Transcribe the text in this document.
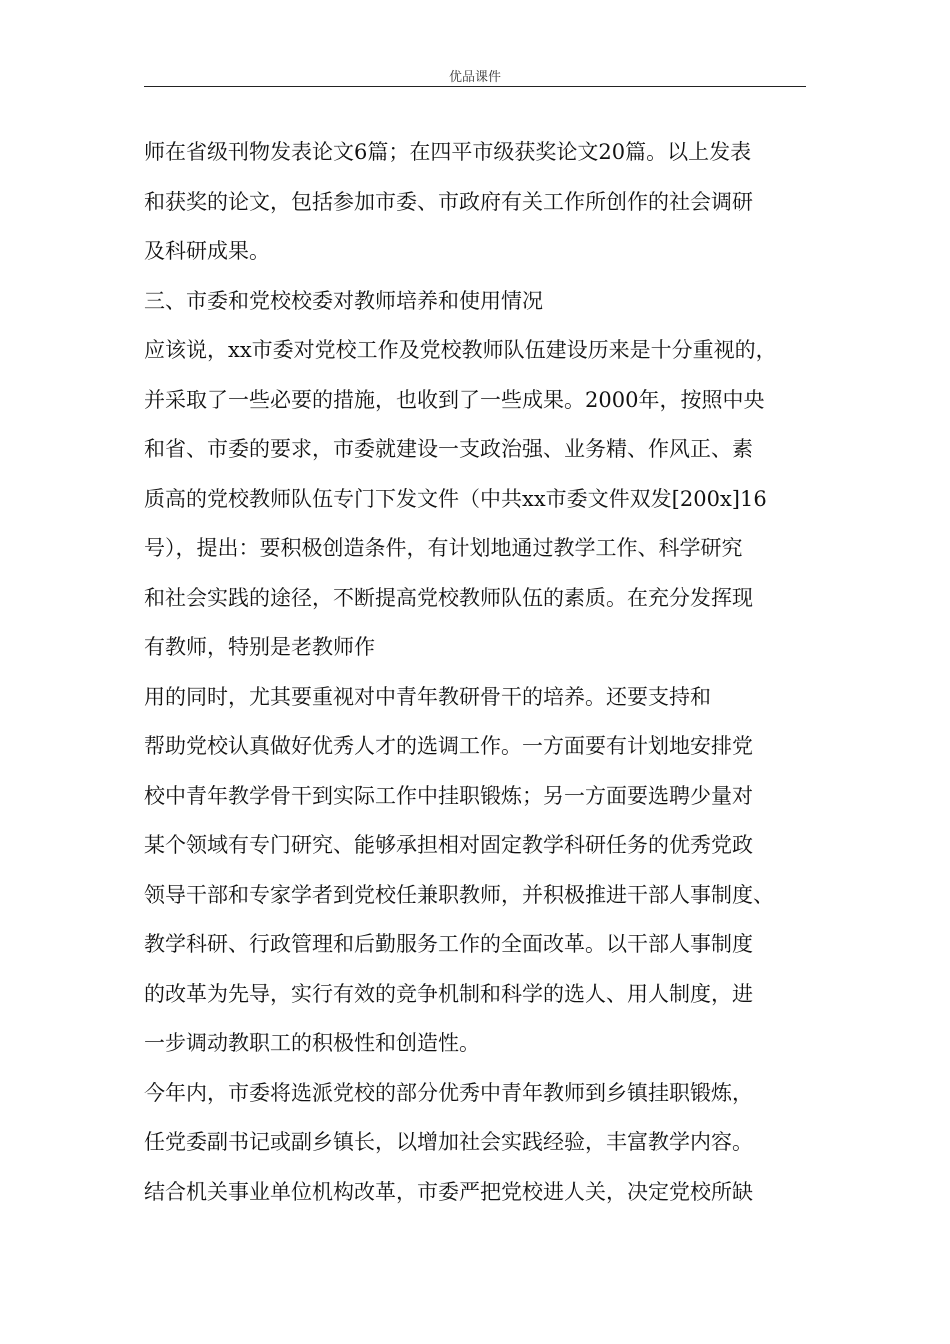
优品课件
师在省级刊物发表论文6篇；在四平市级获奖论文20篇。以上发表
和获奖的论文，包括参加市委、市政府有关工作所创作的社会调研
及科研成果。
三、市委和党校校委对教师培养和使用情况
应该说，xx市委对党校工作及党校教师队伍建设历来是十分重视的，
并采取了一些必要的措施，也收到了一些成果。2000年，按照中央
和省、市委的要求，市委就建设一支政治强、业务精、作风正、素
质高的党校教师队伍专门下发文件（中共xx市委文件双发[200x]16
号），提出：要积极创造条件，有计划地通过教学工作、科学研究
和社会实践的途径，不断提高党校教师队伍的素质。在充分发挥现
有教师，特别是老教师作
用的同时，尤其要重视对中青年教研骨干的培养。还要支持和
帮助党校认真做好优秀人才的选调工作。一方面要有计划地安排党
校中青年教学骨干到实际工作中挂职锻炼；另一方面要选聘少量对
某个领域有专门研究、能够承担相对固定教学科研任务的优秀党政
领导干部和专家学者到党校任兼职教师，并积极推进干部人事制度、
教学科研、行政管理和后勤服务工作的全面改革。以干部人事制度
的改革为先导，实行有效的竞争机制和科学的选人、用人制度，进
一步调动教职工的积极性和创造性。
今年内，市委将选派党校的部分优秀中青年教师到乡镇挂职锻炼，
任党委副书记或副乡镇长，以增加社会实践经验，丰富教学内容。
结合机关事业单位机构改革，市委严把党校进人关，决定党校所缺
